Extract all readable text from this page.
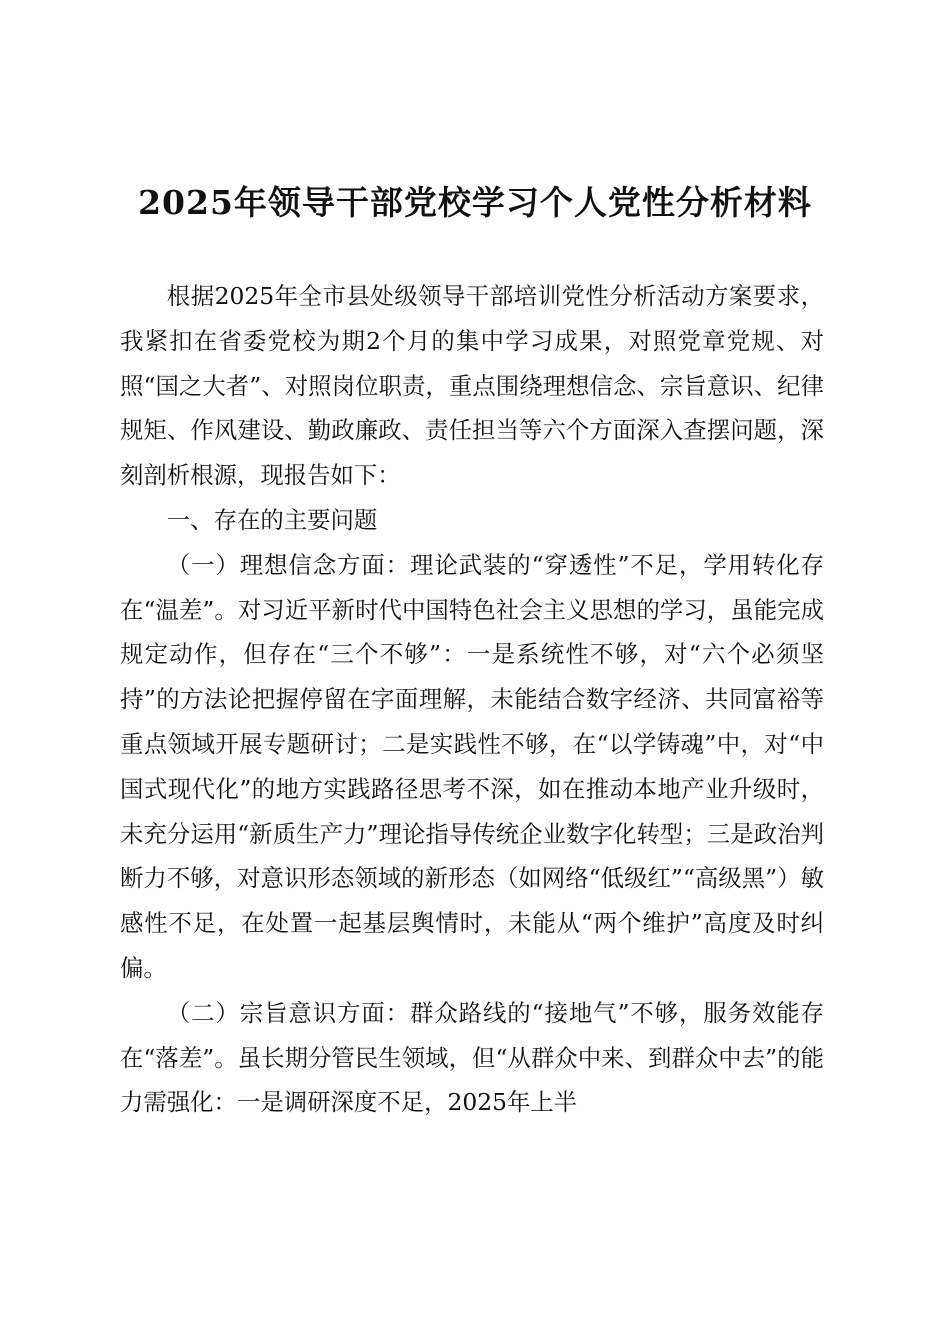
2025年领导干部党校学习个人党性分析材料

根据2025年全市县处级领导干部培训党性分析活动方案要求，我紧扣在省委党校为期2个月的集中学习成果，对照党章党规、对照“国之大者”、对照岗位职责，重点围绕理想信念、宗旨意识、纪律规矩、作风建设、勤政廉政、责任担当等六个方面深入查摆问题，深刻剖析根源，现报告如下：

一、存在的主要问题

（一）理想信念方面：理论武装的“穿透性”不足，学用转化存在“温差”。对习近平新时代中国特色社会主义思想的学习，虽能完成规定动作，但存在“三个不够”：一是系统性不够，对“六个必须坚持”的方法论把握停留在字面理解，未能结合数字经济、共同富裕等重点领域开展专题研讨；二是实践性不够，在“以学铸魂”中，对“中国式现代化”的地方实践路径思考不深，如在推动本地产业升级时，未充分运用“新质生产力”理论指导传统企业数字化转型；三是政治判断力不够，对意识形态领域的新形态（如网络“低级红”“高级黑”）敏感性不足，在处置一起基层舆情时，未能从“两个维护”高度及时纠偏。

（二）宗旨意识方面：群众路线的“接地气”不够，服务效能存在“落差”。虽长期分管民生领域，但“从群众中来、到群众中去”的能力需强化：一是调研深度不足，2025年上半
